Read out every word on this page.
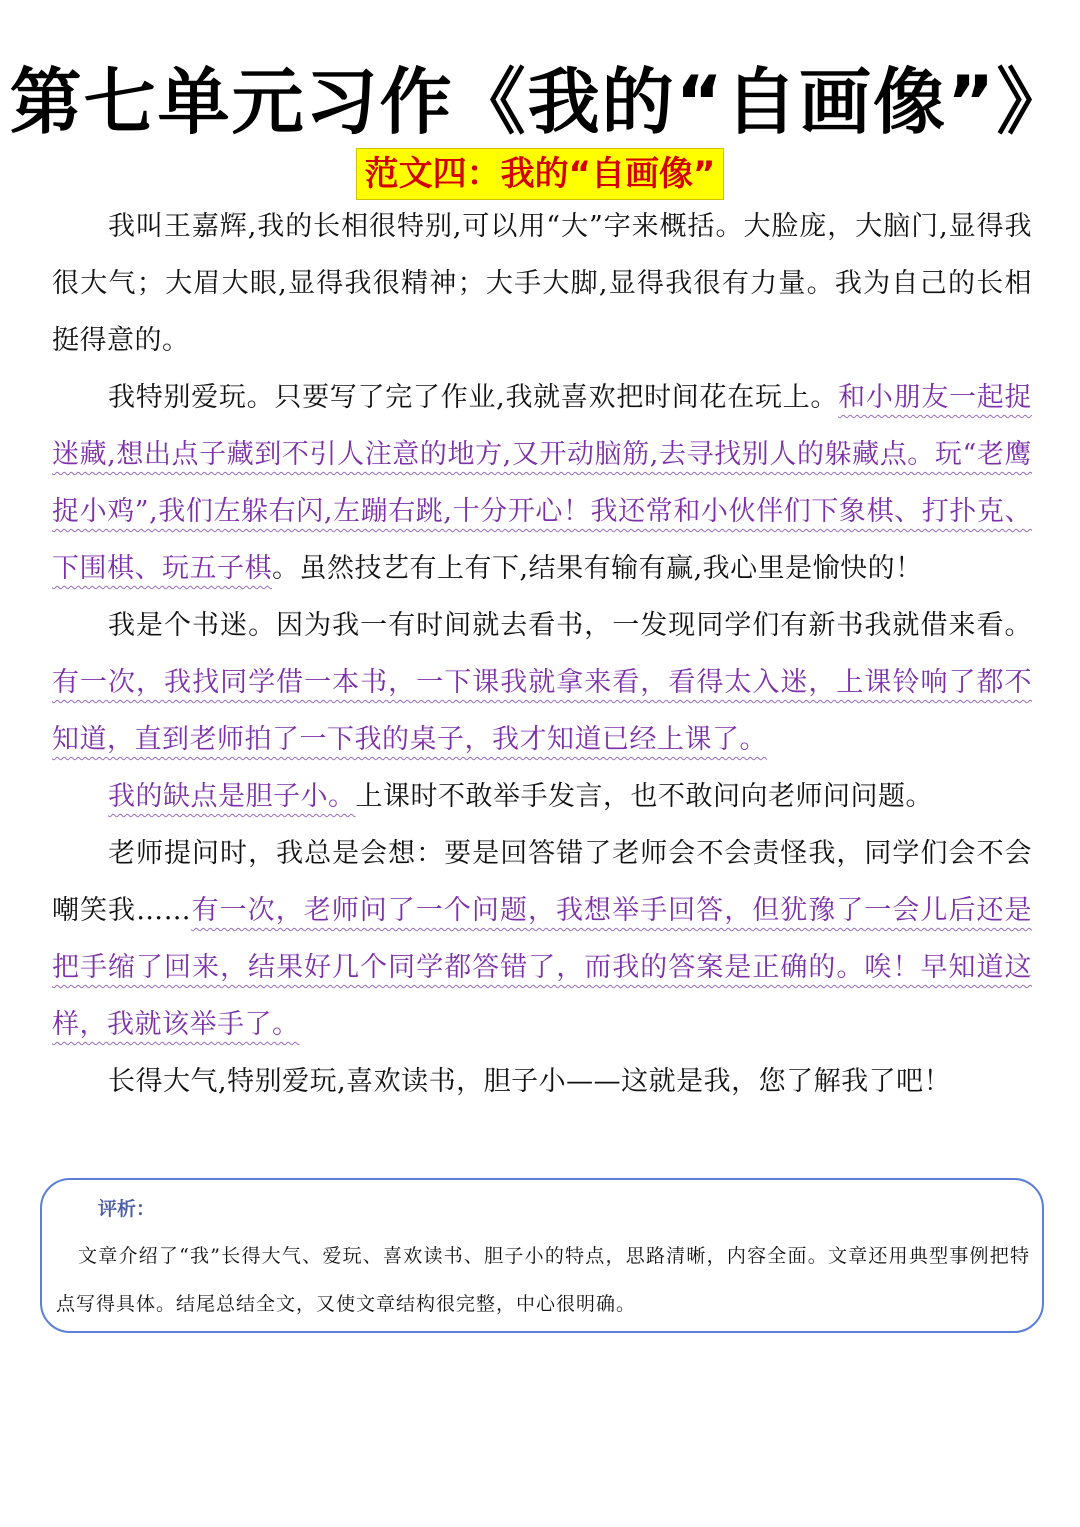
第七单元习作《我的“自画像”》
范文四：我的“自画像”

我叫王嘉辉,我的长相很特别,可以用“大”字来概括。大脸庞，大脑门,显得我很大气；大眉大眼,显得我很精神；大手大脚,显得我很有力量。我为自己的长相挺得意的。

我特别爱玩。只要写了完了作业,我就喜欢把时间花在玩上。和小朋友一起捉迷藏,想出点子藏到不引人注意的地方,又开动脑筋,去寻找别人的躲藏点。玩“老鹰捉小鸡”,我们左躲右闪,左蹦右跳,十分开心！我还常和小伙伴们下象棋、打扑克、下围棋、玩五子棋。虽然技艺有上有下,结果有输有赢,我心里是愉快的！

我是个书迷。因为我一有时间就去看书，一发现同学们有新书我就借来看。有一次，我找同学借一本书，一下课我就拿来看，看得太入迷，上课铃响了都不知道，直到老师拍了一下我的桌子，我才知道已经上课了。

我的缺点是胆子小。上课时不敢举手发言，也不敢问向老师问问题。

老师提问时，我总是会想：要是回答错了老师会不会责怪我，同学们会不会嘲笑我……有一次，老师问了一个问题，我想举手回答，但犹豫了一会儿后还是把手缩了回来，结果好几个同学都答错了，而我的答案是正确的。唉！早知道这样，我就该举手了。

长得大气,特别爱玩,喜欢读书，胆子小——这就是我，您了解我了吧！

评析：

文章介绍了“我”长得大气、爱玩、喜欢读书、胆子小的特点，思路清晰，内容全面。文章还用典型事例把特点写得具体。结尾总结全文，又使文章结构很完整，中心很明确。
